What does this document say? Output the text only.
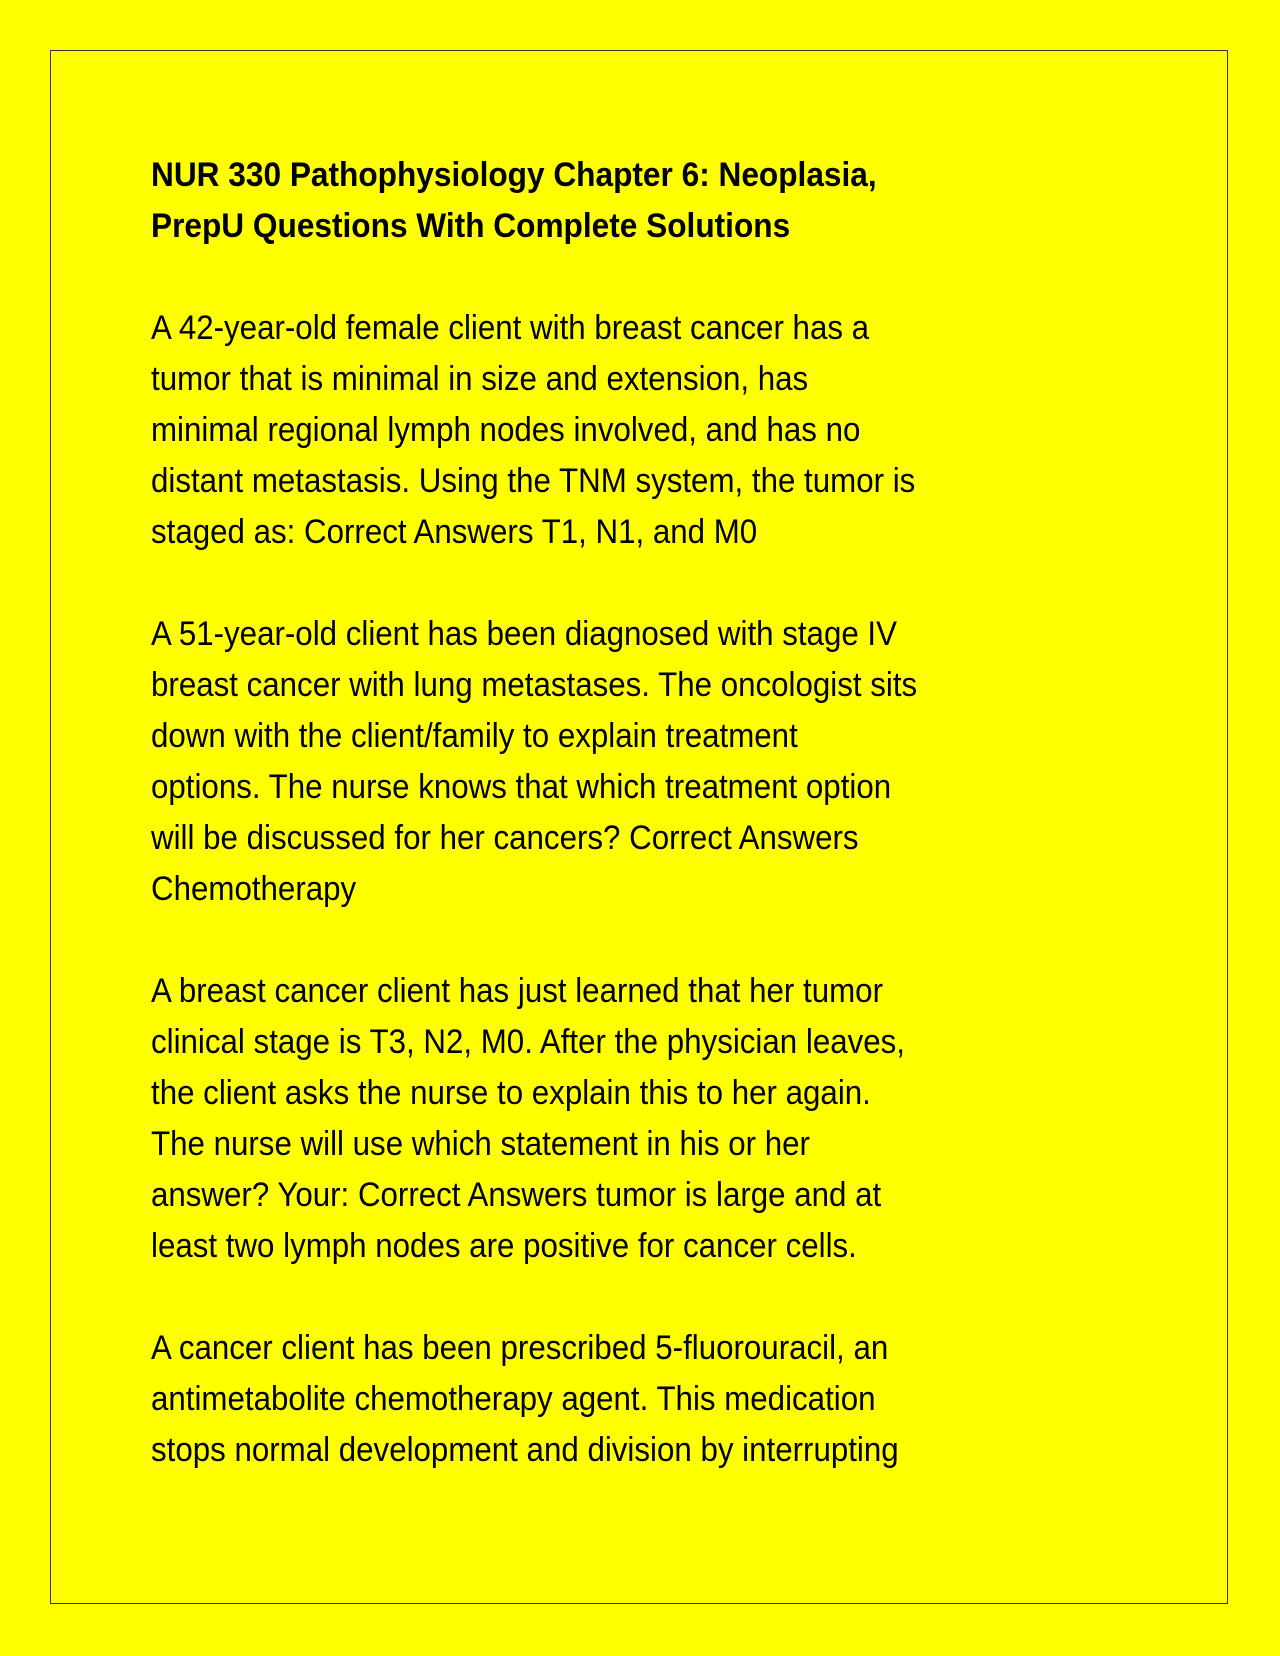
NUR 330 Pathophysiology Chapter 6: Neoplasia,
PrepU Questions With Complete Solutions
A 42-year-old female client with breast cancer has a
tumor that is minimal in size and extension, has
minimal regional lymph nodes involved, and has no
distant metastasis. Using the TNM system, the tumor is
staged as: Correct Answers T1, N1, and M0
A 51-year-old client has been diagnosed with stage IV
breast cancer with lung metastases. The oncologist sits
down with the client/family to explain treatment
options. The nurse knows that which treatment option
will be discussed for her cancers? Correct Answers
Chemotherapy
A breast cancer client has just learned that her tumor
clinical stage is T3, N2, M0. After the physician leaves,
the client asks the nurse to explain this to her again.
The nurse will use which statement in his or her
answer? Your: Correct Answers tumor is large and at
least two lymph nodes are positive for cancer cells.
A cancer client has been prescribed 5-fluorouracil, an
antimetabolite chemotherapy agent. This medication
stops normal development and division by interrupting
